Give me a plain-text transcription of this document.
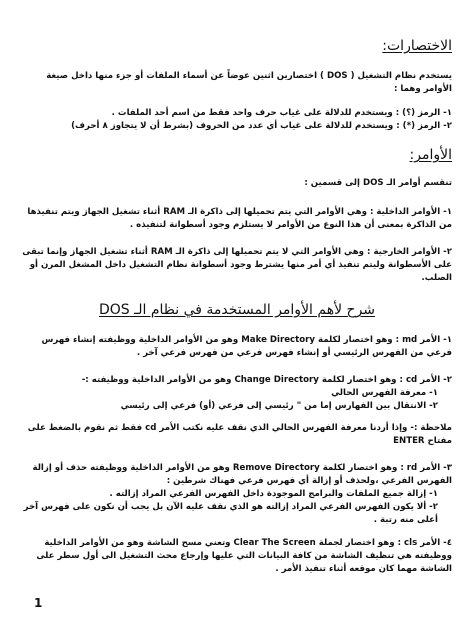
الاختصارات:

يستخدم نظام التشغيل ( DOS ) اختصارين اثنين عوضاً عن أسماء الملفات أو جزء منها داخل صيغة الأوامر وهما :

١- الرمز (؟) : ويستخدم للدلالة على غياب حرف واحد فقط من اسم أحد الملفات .

٢- الرمز (*) : ويستخدم للدلالة على غياب أي عدد من الحروف (بشرط أن لا يتجاوز ٨ أحرف)

الأوامر:

تنقسم أوامر الـ DOS إلى قسمين :

١- الأوامر الداخلية : وهي الأوامر التي يتم تحميلها إلى ذاكرة الـ RAM أثناء تشغيل الجهاز ويتم تنفيذها من الذاكرة بمعنى أن هذا النوع من الأوامر لا يستلزم وجود أسطوانة لتنفيذه .

٢- الأوامر الخارجية : وهي الأوامر التي لا يتم تحميلها إلى ذاكرة الـ RAM أثناء تشغيل الجهاز وإنما تبقى على الأسطوانة وليتم تنفيذ أي أمر منها يشترط وجود أسطوانة نظام التشغيل داخل المشغل المرن أو الصلب.

شرح لأهم الأوامر المستخدمة في نظام الـ DOS

١- الأمر md : وهو اختصار لكلمة Make Directory وهو من الأوامر الداخلية ووظيفته إنشاء فهرس فرعي من الفهرس الرئيسي أو إنشاء فهرس فرعي من فهرس فرعي آخر .

٢- الأمر cd : وهو اختصار لكلمة Change Directory وهو من الأوامر الداخلية ووظيفته :-

١- معرفة الفهرس الحالي

٢- الانتقال بين الفهارس إما من " رئيسي إلى فرعي (أو) فرعي إلى رئيسي

ملاحظة :- وإذا أردنا معرفة الفهرس الحالي الذي نقف عليه نكتب الأمر cd فقط ثم نقوم بالضغط على مفتاح ENTER

٣- الأمر rd : وهو اختصار لكلمة Remove Directory وهو من الأوامر الداخلية ووظيفته حذف أو إزالة الفهرس الفرعي ،ولحذف أو إزالة أي فهرس فرعي فهناك شرطين :

١- إزالة جميع الملفات والبرامج الموجودة داخل الفهرس الفرعي المراد إزالته .

٢- ألا يكون الفهرس الفرعي المراد إزالته هو الذي نقف عليه الآن بل يجب أن نكون على فهرس آخر أعلى منه رتبة .

٤- الأمر cls : وهو اختصار لجملة Clear The Screen وتعني مسح الشاشة وهو من الأوامر الداخلية ووظيفته هي تنظيف الشاشة من كافة البيانات التي عليها وإرجاع محث التشغيل الى أول سطر على الشاشة مهما كان موقعه أثناء تنفيذ الأمر .

1
